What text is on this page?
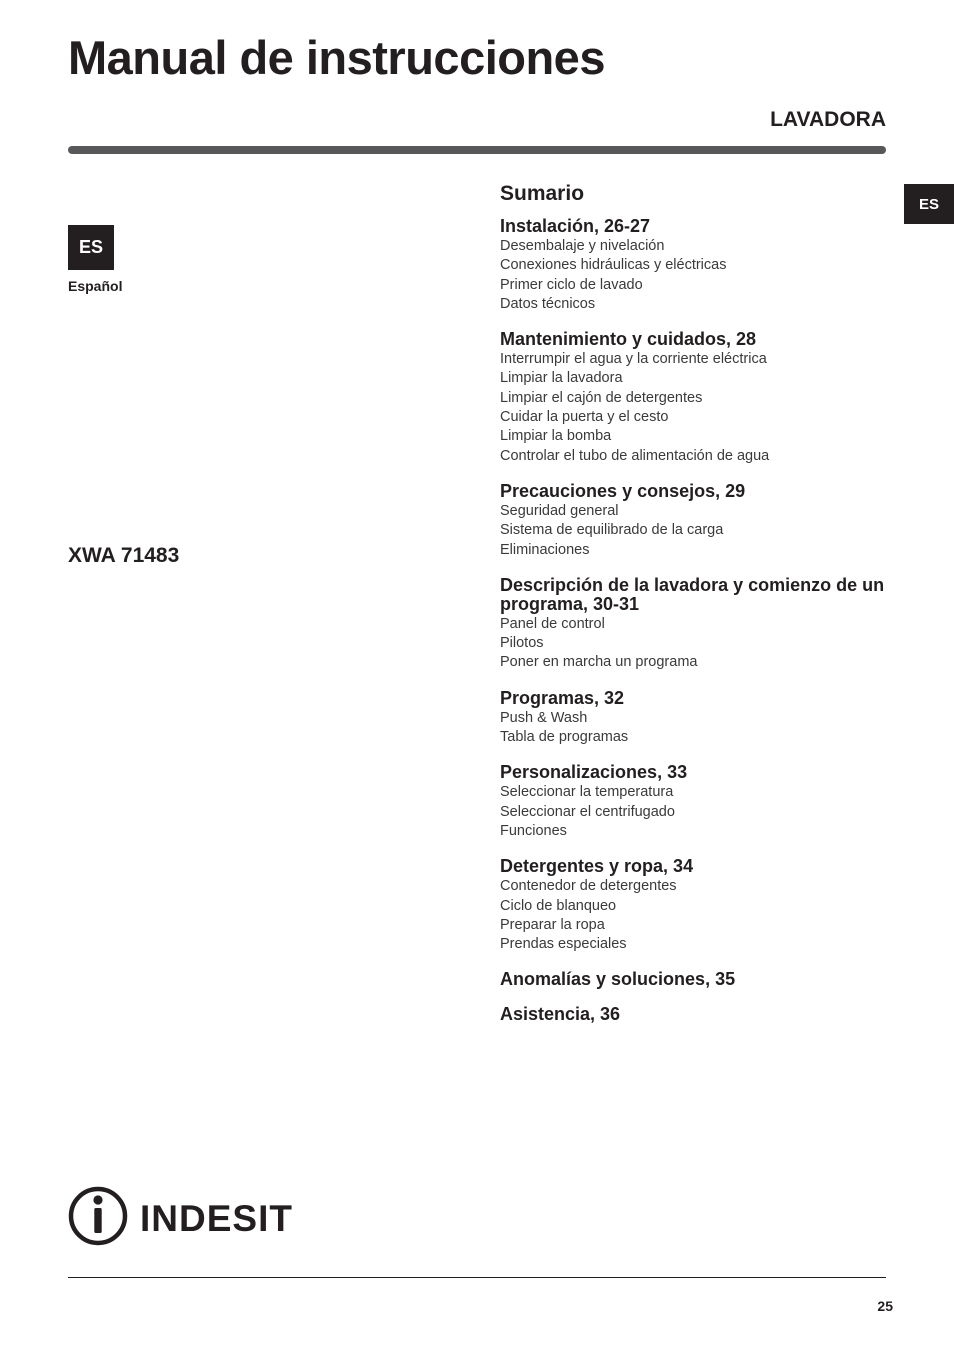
Manual de instrucciones
LAVADORA
ES
ES
Español
XWA 71483
Sumario
Instalación, 26-27
Desembalaje y nivelación
Conexiones hidráulicas y eléctricas
Primer ciclo de lavado
Datos técnicos
Mantenimiento y cuidados, 28
Interrumpir el agua y la corriente eléctrica
Limpiar la lavadora
Limpiar el cajón de detergentes
Cuidar la puerta y el cesto
Limpiar la bomba
Controlar el tubo de alimentación de agua
Precauciones y consejos, 29
Seguridad general
Sistema de equilibrado de la carga
Eliminaciones
Descripción de la lavadora y comienzo de un programa, 30-31
Panel de control
Pilotos
Poner en marcha un programa
Programas, 32
Push & Wash
Tabla de programas
Personalizaciones, 33
Seleccionar la temperatura
Seleccionar el centrifugado
Funciones
Detergentes y ropa, 34
Contenedor de detergentes
Ciclo de blanqueo
Preparar la ropa
Prendas especiales
Anomalías y soluciones, 35
Asistencia, 36
INDESIT
25
